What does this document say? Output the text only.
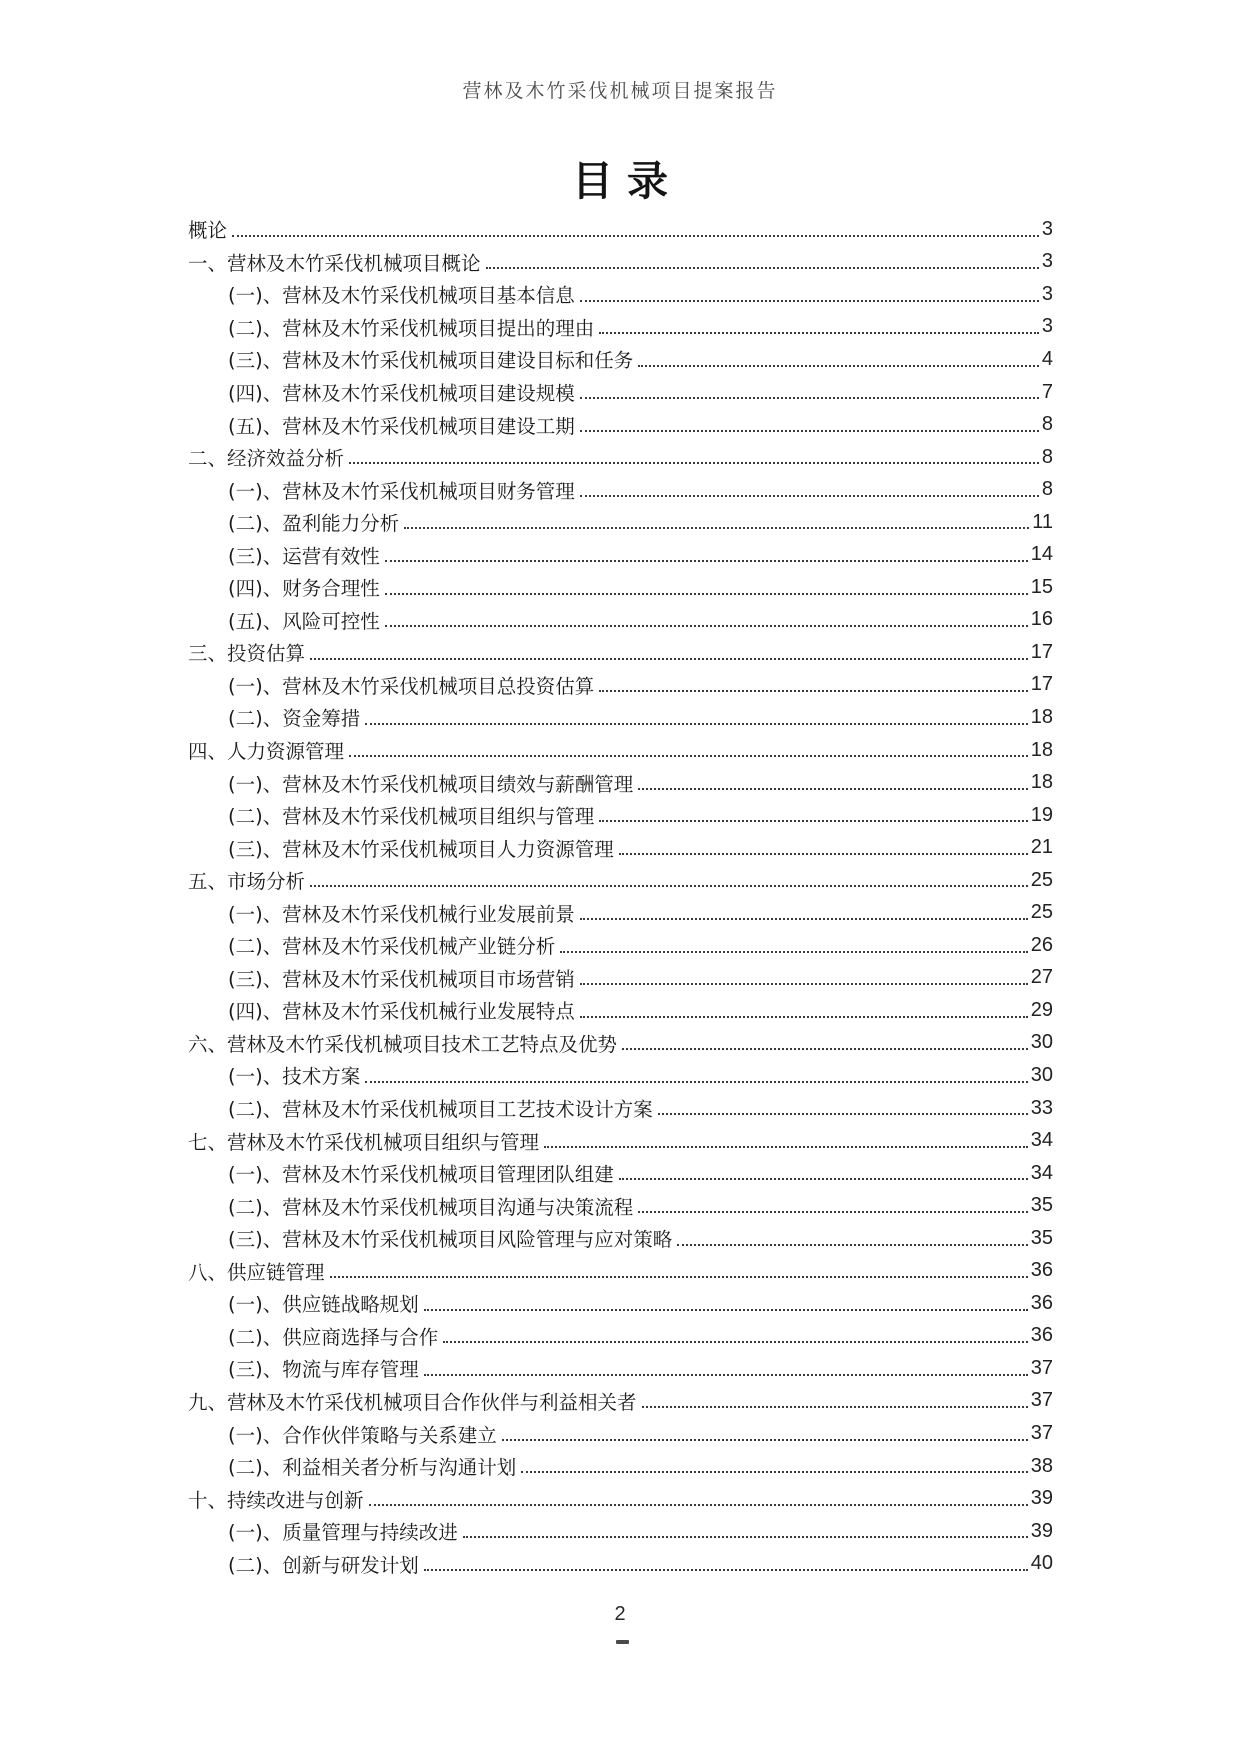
营林及木竹采伐机械项目提案报告
目录
概论	3
一、营林及木竹采伐机械项目概论	3
(一)、营林及木竹采伐机械项目基本信息	3
(二)、营林及木竹采伐机械项目提出的理由	3
(三)、营林及木竹采伐机械项目建设目标和任务	4
(四)、营林及木竹采伐机械项目建设规模	7
(五)、营林及木竹采伐机械项目建设工期	8
二、经济效益分析	8
(一)、营林及木竹采伐机械项目财务管理	8
(二)、盈利能力分析	11
(三)、运营有效性	14
(四)、财务合理性	15
(五)、风险可控性	16
三、投资估算	17
(一)、营林及木竹采伐机械项目总投资估算	17
(二)、资金筹措	18
四、人力资源管理	18
(一)、营林及木竹采伐机械项目绩效与薪酬管理	18
(二)、营林及木竹采伐机械项目组织与管理	19
(三)、营林及木竹采伐机械项目人力资源管理	21
五、市场分析	25
(一)、营林及木竹采伐机械行业发展前景	25
(二)、营林及木竹采伐机械产业链分析	26
(三)、营林及木竹采伐机械项目市场营销	27
(四)、营林及木竹采伐机械行业发展特点	29
六、营林及木竹采伐机械项目技术工艺特点及优势	30
(一)、技术方案	30
(二)、营林及木竹采伐机械项目工艺技术设计方案	33
七、营林及木竹采伐机械项目组织与管理	34
(一)、营林及木竹采伐机械项目管理团队组建	34
(二)、营林及木竹采伐机械项目沟通与决策流程	35
(三)、营林及木竹采伐机械项目风险管理与应对策略	35
八、供应链管理	36
(一)、供应链战略规划	36
(二)、供应商选择与合作	36
(三)、物流与库存管理	37
九、营林及木竹采伐机械项目合作伙伴与利益相关者	37
(一)、合作伙伴策略与关系建立	37
(二)、利益相关者分析与沟通计划	38
十、持续改进与创新	39
(一)、质量管理与持续改进	39
(二)、创新与研发计划	40
2
